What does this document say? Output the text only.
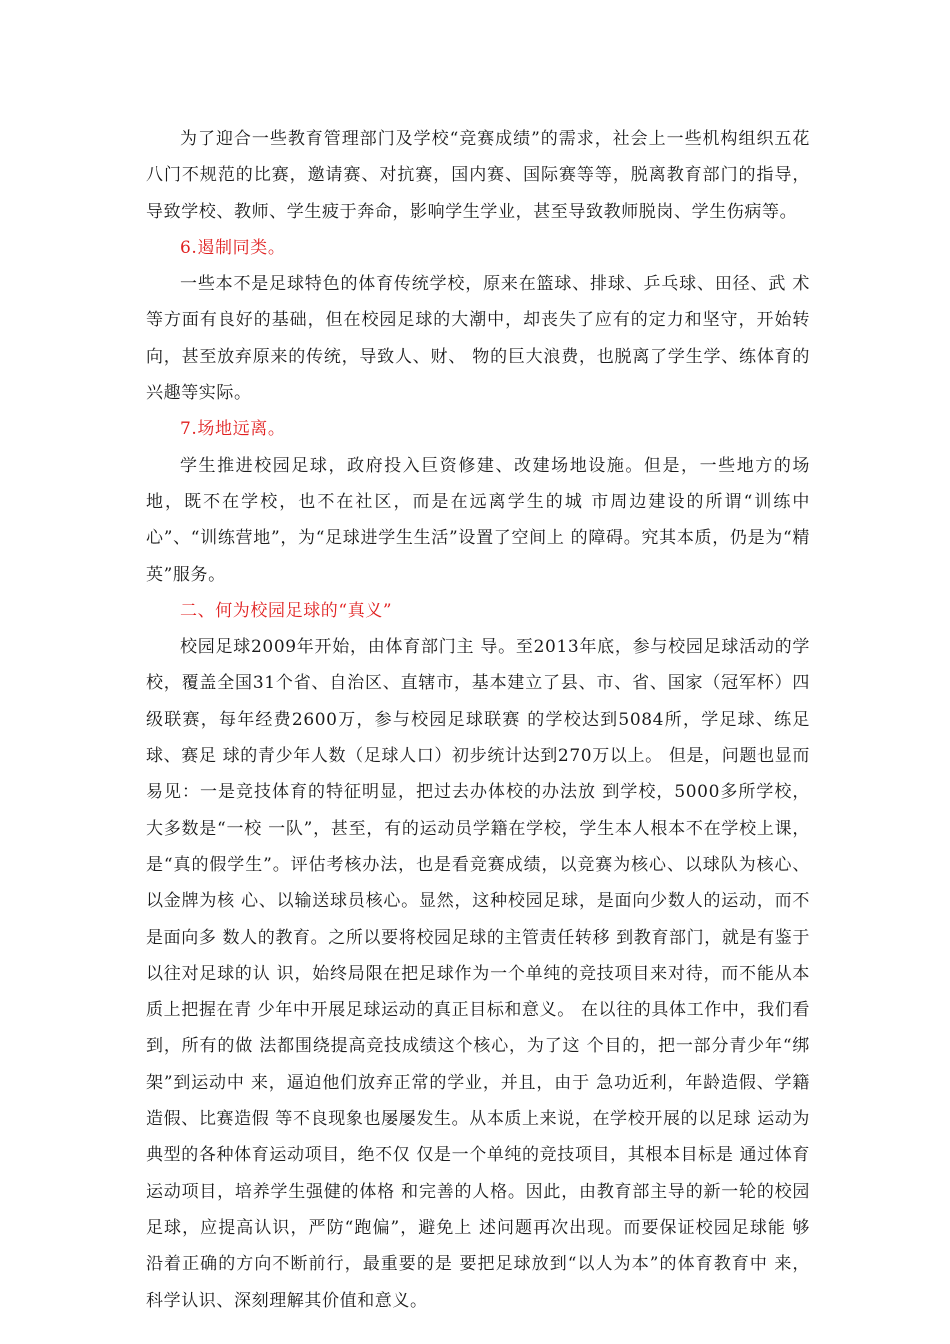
为了迎合一些教育管理部门及学校“竞赛成绩”的需求，社会上一些机构组织五花八门不规范的比赛，邀请赛、对抗赛，国内赛、国际赛等等，脱离教育部门的指导，导致学校、教师、学生疲于奔命，影响学生学业，甚至导致教师脱岗、学生伤病等。

6.遏制同类。

一些本不是足球特色的体育传统学校，原来在篮球、排球、乒乓球、田径、武 术等方面有良好的基础，但在校园足球的大潮中，却丧失了应有的定力和坚守，开始转向，甚至放弃原来的传统，导致人、财、 物的巨大浪费，也脱离了学生学、练体育的兴趣等实际。

7.场地远离。

学生推进校园足球，政府投入巨资修建、改建场地设施。但是，一些地方的场地，既不在学校，也不在社区，而是在远离学生的城 市周边建设的所谓“训练中心”、“训练营地”，为“足球进学生生活”设置了空间上 的障碍。究其本质，仍是为“精英”服务。

二、何为校园足球的“真义”

校园足球2009年开始，由体育部门主 导。至2013年底，参与校园足球活动的学 校，覆盖全国31个省、自治区、直辖市，基本建立了县、市、省、国家（冠军杯）四级联赛，每年经费2600万，参与校园足球联赛 的学校达到5084所，学足球、练足球、赛足 球的青少年人数（足球人口）初步统计达到270万以上。 但是，问题也显而易见：一是竞技体育的特征明显，把过去办体校的办法放 到学校，5000多所学校，大多数是“一校 一队”，甚至，有的运动员学籍在学校，学生本人根本不在学校上课，是“真的假学生”。评估考核办法，也是看竞赛成绩，以竞赛为核心、以球队为核心、以金牌为核 心、以输送球员核心。显然，这种校园足球，是面向少数人的运动，而不是面向多 数人的教育。之所以要将校园足球的主管责任转移 到教育部门，就是有鉴于以往对足球的认 识，始终局限在把足球作为一个单纯的竞技项目来对待，而不能从本质上把握在青 少年中开展足球运动的真正目标和意义。 在以往的具体工作中，我们看到，所有的做 法都围绕提高竞技成绩这个核心，为了这 个目的，把一部分青少年“绑架”到运动中 来，逼迫他们放弃正常的学业，并且，由于 急功近利，年龄造假、学籍造假、比赛造假 等不良现象也屡屡发生。从本质上来说，在学校开展的以足球 运动为典型的各种体育运动项目，绝不仅 仅是一个单纯的竞技项目，其根本目标是 通过体育运动项目，培养学生强健的体格 和完善的人格。因此，由教育部主导的新一轮的校园 足球，应提高认识，严防“跑偏”，避免上 述问题再次出现。而要保证校园足球能 够沿着正确的方向不断前行，最重要的是 要把足球放到“以人为本”的体育教育中 来，科学认识、深刻理解其价值和意义。
